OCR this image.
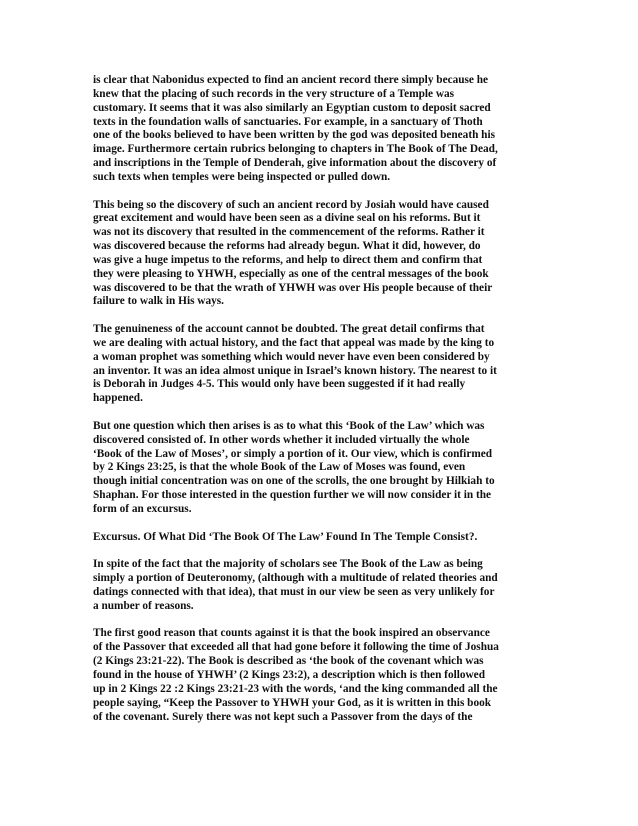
is clear that Nabonidus expected to find an ancient record there simply because he
knew that the placing of such records in the very structure of a Temple was
customary. It seems that it was also similarly an Egyptian custom to deposit sacred
texts in the foundation walls of sanctuaries. For example, in a sanctuary of Thoth
one of the books believed to have been written by the god was deposited beneath his
image. Furthermore certain rubrics belonging to chapters in The Book of The Dead,
and inscriptions in the Temple of Denderah, give information about the discovery of
such texts when temples were being inspected or pulled down.

This being so the discovery of such an ancient record by Josiah would have caused
great excitement and would have been seen as a divine seal on his reforms. But it
was not its discovery that resulted in the commencement of the reforms. Rather it
was discovered because the reforms had already begun. What it did, however, do
was give a huge impetus to the reforms, and help to direct them and confirm that
they were pleasing to YHWH, especially as one of the central messages of the book
was discovered to be that the wrath of YHWH was over His people because of their
failure to walk in His ways.

The genuineness of the account cannot be doubted. The great detail confirms that
we are dealing with actual history, and the fact that appeal was made by the king to
a woman prophet was something which would never have even been considered by
an inventor. It was an idea almost unique in Israel’s known history. The nearest to it
is Deborah in Judges 4-5. This would only have been suggested if it had really
happened.

But one question which then arises is as to what this ‘Book of the Law’ which was
discovered consisted of. In other words whether it included virtually the whole
‘Book of the Law of Moses’, or simply a portion of it. Our view, which is confirmed
by 2 Kings 23:25, is that the whole Book of the Law of Moses was found, even
though initial concentration was on one of the scrolls, the one brought by Hilkiah to
Shaphan. For those interested in the question further we will now consider it in the
form of an excursus.

Excursus. Of What Did ‘The Book Of The Law’ Found In The Temple Consist?.

In spite of the fact that the majority of scholars see The Book of the Law as being
simply a portion of Deuteronomy, (although with a multitude of related theories and
datings connected with that idea), that must in our view be seen as very unlikely for
a number of reasons.

The first good reason that counts against it is that the book inspired an observance
of the Passover that exceeded all that had gone before it following the time of Joshua
(2 Kings 23:21-22). The Book is described as ‘the book of the covenant which was
found in the house of YHWH’ (2 Kings 23:2), a description which is then followed
up in 2 Kings 22 :2 Kings 23:21-23 with the words, ‘and the king commanded all the
people saying, “Keep the Passover to YHWH your God, as it is written in this book
of the covenant. Surely there was not kept such a Passover from the days of the
